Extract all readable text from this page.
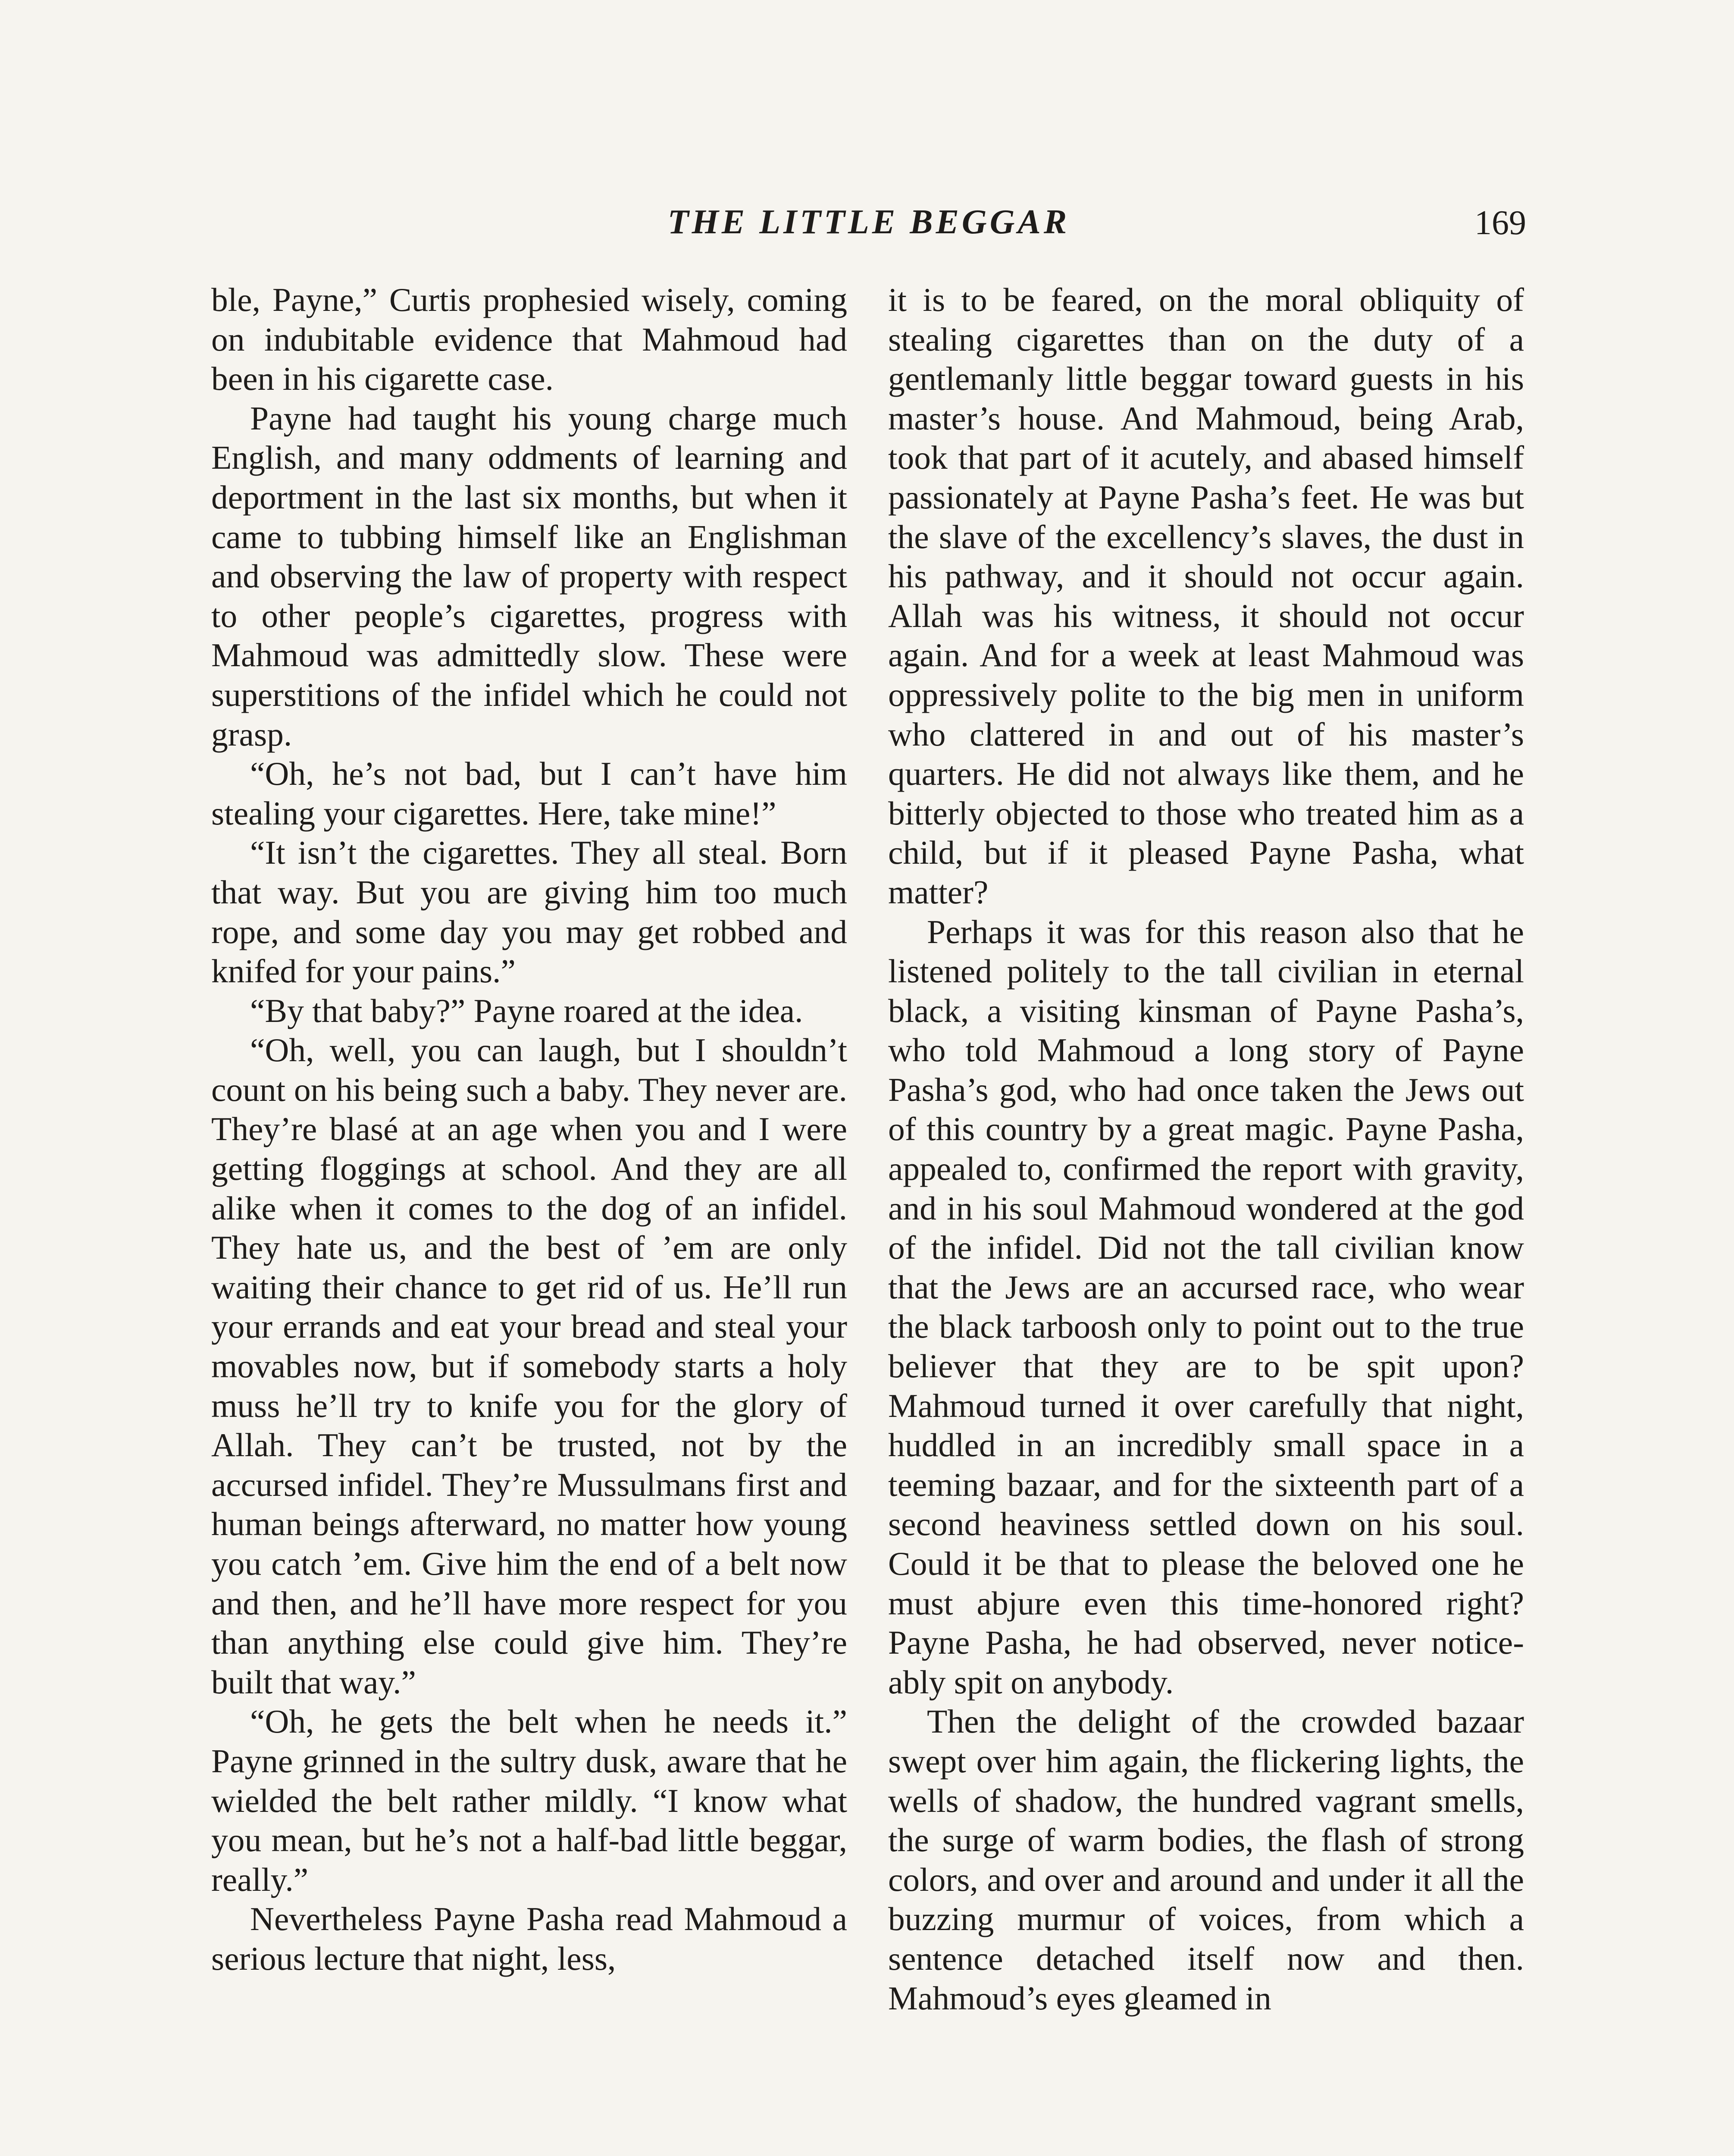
THE LITTLE BEGGAR	169

ble, Payne,” Curtis prophesied wisely, coming on indubitable evidence that Mahmoud had been in his cigarette case.

Payne had taught his young charge much English, and many oddments of learning and deportment in the last six months, but when it came to tubbing himself like an Englishman and observing the law of property with respect to other people’s cigarettes, progress with Mahmoud was admittedly slow. These were superstitions of the infidel which he could not grasp.

“Oh, he’s not bad, but I can’t have him stealing your cigarettes. Here, take mine!”

“It isn’t the cigarettes. They all steal. Born that way. But you are giving him too much rope, and some day you may get robbed and knifed for your pains.”

“By that baby?” Payne roared at the idea.

“Oh, well, you can laugh, but I shouldn’t count on his being such a baby. They never are. They’re blasé at an age when you and I were getting floggings at school. And they are all alike when it comes to the dog of an infidel. They hate us, and the best of ’em are only waiting their chance to get rid of us. He’ll run your errands and eat your bread and steal your movables now, but if somebody starts a holy muss he’ll try to knife you for the glory of Allah. They can’t be trusted, not by the accursed infidel. They’re Mussulmans first and human beings afterward, no matter how young you catch ’em. Give him the end of a belt now and then, and he’ll have more respect for you than anything else could give him. They’re built that way.”

“Oh, he gets the belt when he needs it.” Payne grinned in the sultry dusk, aware that he wielded the belt rather mildly. “I know what you mean, but he’s not a half-bad little beggar, really.”

Nevertheless Payne Pasha read Mahmoud a serious lecture that night, less,

it is to be feared, on the moral obliquity of stealing cigarettes than on the duty of a gentlemanly little beggar toward guests in his master’s house. And Mahmoud, being Arab, took that part of it acutely, and abased himself passionately at Payne Pasha’s feet. He was but the slave of the excellency’s slaves, the dust in his pathway, and it should not occur again. Allah was his witness, it should not occur again. And for a week at least Mahmoud was oppressively polite to the big men in uniform who clattered in and out of his master’s quarters. He did not always like them, and he bitterly objected to those who treated him as a child, but if it pleased Payne Pasha, what matter?

Perhaps it was for this reason also that he listened politely to the tall civilian in eternal black, a visiting kinsman of Payne Pasha’s, who told Mahmoud a long story of Payne Pasha’s god, who had once taken the Jews out of this country by a great magic. Payne Pasha, appealed to, confirmed the report with gravity, and in his soul Mahmoud wondered at the god of the infidel. Did not the tall civilian know that the Jews are an accursed race, who wear the black tarboosh only to point out to the true believer that they are to be spit upon? Mahmoud turned it over carefully that night, huddled in an incredibly small space in a teeming bazaar, and for the sixteenth part of a second heaviness settled down on his soul. Could it be that to please the beloved one he must abjure even this time-honored right? Payne Pasha, he had observed, never noticeably spit on anybody.

Then the delight of the crowded bazaar swept over him again, the flickering lights, the wells of shadow, the hundred vagrant smells, the surge of warm bodies, the flash of strong colors, and over and around and under it all the buzzing murmur of voices, from which a sentence detached itself now and then. Mahmoud’s eyes gleamed in
